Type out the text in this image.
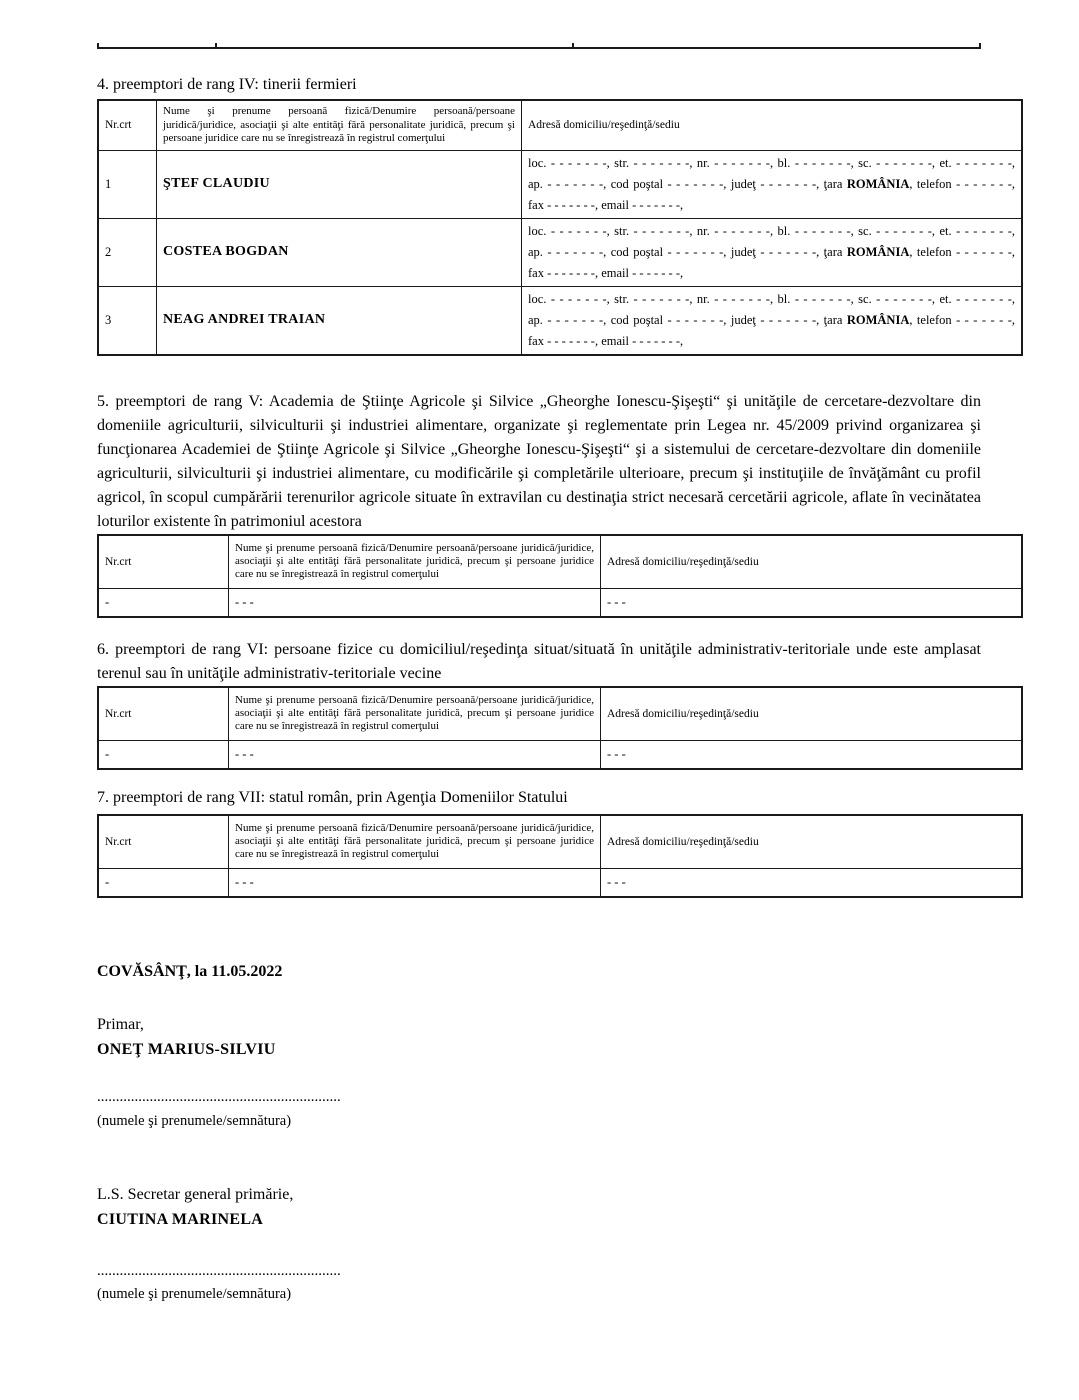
4. preemptori de rang IV: tinerii fermieri

Nr.crt	Nume şi prenume persoană fizică/Denumire persoană/persoane juridică/juridice, asociaţii şi alte entităţi fără personalitate juridică, precum şi persoane juridice care nu se înregistrează în registrul comerţului	Adresă domiciliu/reşedinţă/sediu
1	ŞTEF CLAUDIU	loc. - - - - - - -, str. - - - - - - -, nr. - - - - - - -, bl. - - - - - - -, sc. - - - - - - -, et. - - - - - - -,
ap. - - - - - - -, cod poştal - - - - - - -, judeţ - - - - - - -, ţara ROMÂNIA, telefon - - - - - - -,
fax - - - - - - -, email - - - - - - -,

2	COSTEA BOGDAN	loc. - - - - - - -, str. - - - - - - -, nr. - - - - - - -, bl. - - - - - - -, sc. - - - - - - -, et. - - - - - - -,
ap. - - - - - - -, cod poştal - - - - - - -, judeţ - - - - - - -, ţara ROMÂNIA, telefon - - - - - - -,
fax - - - - - - -, email - - - - - - -,

3	NEAG ANDREI TRAIAN	loc. - - - - - - -, str. - - - - - - -, nr. - - - - - - -, bl. - - - - - - -, sc. - - - - - - -, et. - - - - - - -,
ap. - - - - - - -, cod poştal - - - - - - -, judeţ - - - - - - -, ţara ROMÂNIA, telefon - - - - - - -,
fax - - - - - - -, email - - - - - - -,

5. preemptori de rang V: Academia de Ştiinţe Agricole şi Silvice „Gheorghe Ionescu-Şişeşti“ şi unităţile de cercetare-dezvoltare din domeniile agriculturii, silviculturii şi industriei alimentare, organizate şi reglementate prin Legea nr. 45/2009 privind organizarea şi funcţionarea Academiei de Ştiinţe Agricole şi Silvice „Gheorghe Ionescu-Şişeşti“ şi a sistemului de cercetare-dezvoltare din domeniile agriculturii, silviculturii şi industriei alimentare, cu modificările şi completările ulterioare, precum şi instituţiile de învăţământ cu profil agricol, în scopul cumpărării terenurilor agricole situate în extravilan cu destinaţia strict necesară cercetării agricole, aflate în vecinătatea loturilor existente în patrimoniul acestora

Nr.crt	Nume şi prenume persoană fizică/Denumire persoană/persoane juridică/juridice, asociaţii şi alte entităţi fără personalitate juridică, precum şi persoane juridice care nu se înregistrează în registrul comerţului	Adresă domiciliu/reşedinţă/sediu
-	- - -	- - -

6. preemptori de rang VI: persoane fizice cu domiciliul/reşedinţa situat/situată în unităţile administrativ-teritoriale unde este amplasat terenul sau în unităţile administrativ-teritoriale vecine

Nr.crt	Nume şi prenume persoană fizică/Denumire persoană/persoane juridică/juridice, asociaţii şi alte entităţi fără personalitate juridică, precum şi persoane juridice care nu se înregistrează în registrul comerţului	Adresă domiciliu/reşedinţă/sediu
-	- - -	- - -

7. preemptori de rang VII: statul român, prin Agenţia Domeniilor Statului

Nr.crt	Nume şi prenume persoană fizică/Denumire persoană/persoane juridică/juridice, asociaţii şi alte entităţi fără personalitate juridică, precum şi persoane juridice care nu se înregistrează în registrul comerţului	Adresă domiciliu/reşedinţă/sediu
-	- - -	- - -

COVĂSÂNŢ, la 11.05.2022

Primar,

ONEŢ MARIUS-SILVIU

.................................................................

(numele şi prenumele/semnătura)

L.S. Secretar general primărie,

CIUTINA MARINELA

.................................................................

(numele şi prenumele/semnătura)
